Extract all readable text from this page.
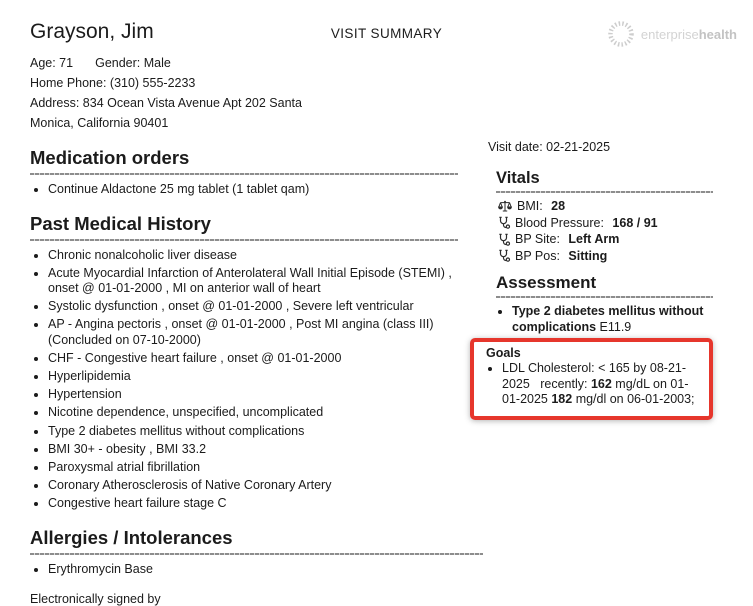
Grayson, Jim
Age: 71 Gender: Male
Home Phone: (310) 555-2233
Address: 834 Ocean Vista Avenue Apt 202 Santa Monica, California 90401
VISIT SUMMARY	enterprisehealth
Medication orders
• Continue Aldactone 25 mg tablet (1 tablet qam)
Past Medical History
• Chronic nonalcoholic liver disease
• Acute Myocardial Infarction of Anterolateral Wall Initial Episode (STEMI) , onset @ 01-01-2000 , MI on anterior wall of heart
• Systolic dysfunction , onset @ 01-01-2000 , Severe left ventricular
• AP - Angina pectoris , onset @ 01-01-2000 , Post MI angina (class III) (Concluded on 07-10-2000)
• CHF - Congestive heart failure , onset @ 01-01-2000
• Hyperlipidemia
• Hypertension
• Nicotine dependence, unspecified, uncomplicated
• Type 2 diabetes mellitus without complications
• BMI 30+ - obesity , BMI 33.2
• Paroxysmal atrial fibrillation
• Coronary Atherosclerosis of Native Coronary Artery
• Congestive heart failure stage C
Allergies / Intolerances
• Erythromycin Base
Electronically signed by
Visit date: 02-21-2025
Vitals
BMI: 28
Blood Pressure: 168 / 91
BP Site: Left Arm
BP Pos: Sitting
Assessment
• Type 2 diabetes mellitus without complications E11.9
Goals
• LDL Cholesterol: < 165 by 08-21-2025   recently: 162 mg/dL on 01-01-2025 182 mg/dl on 06-01-2003;
